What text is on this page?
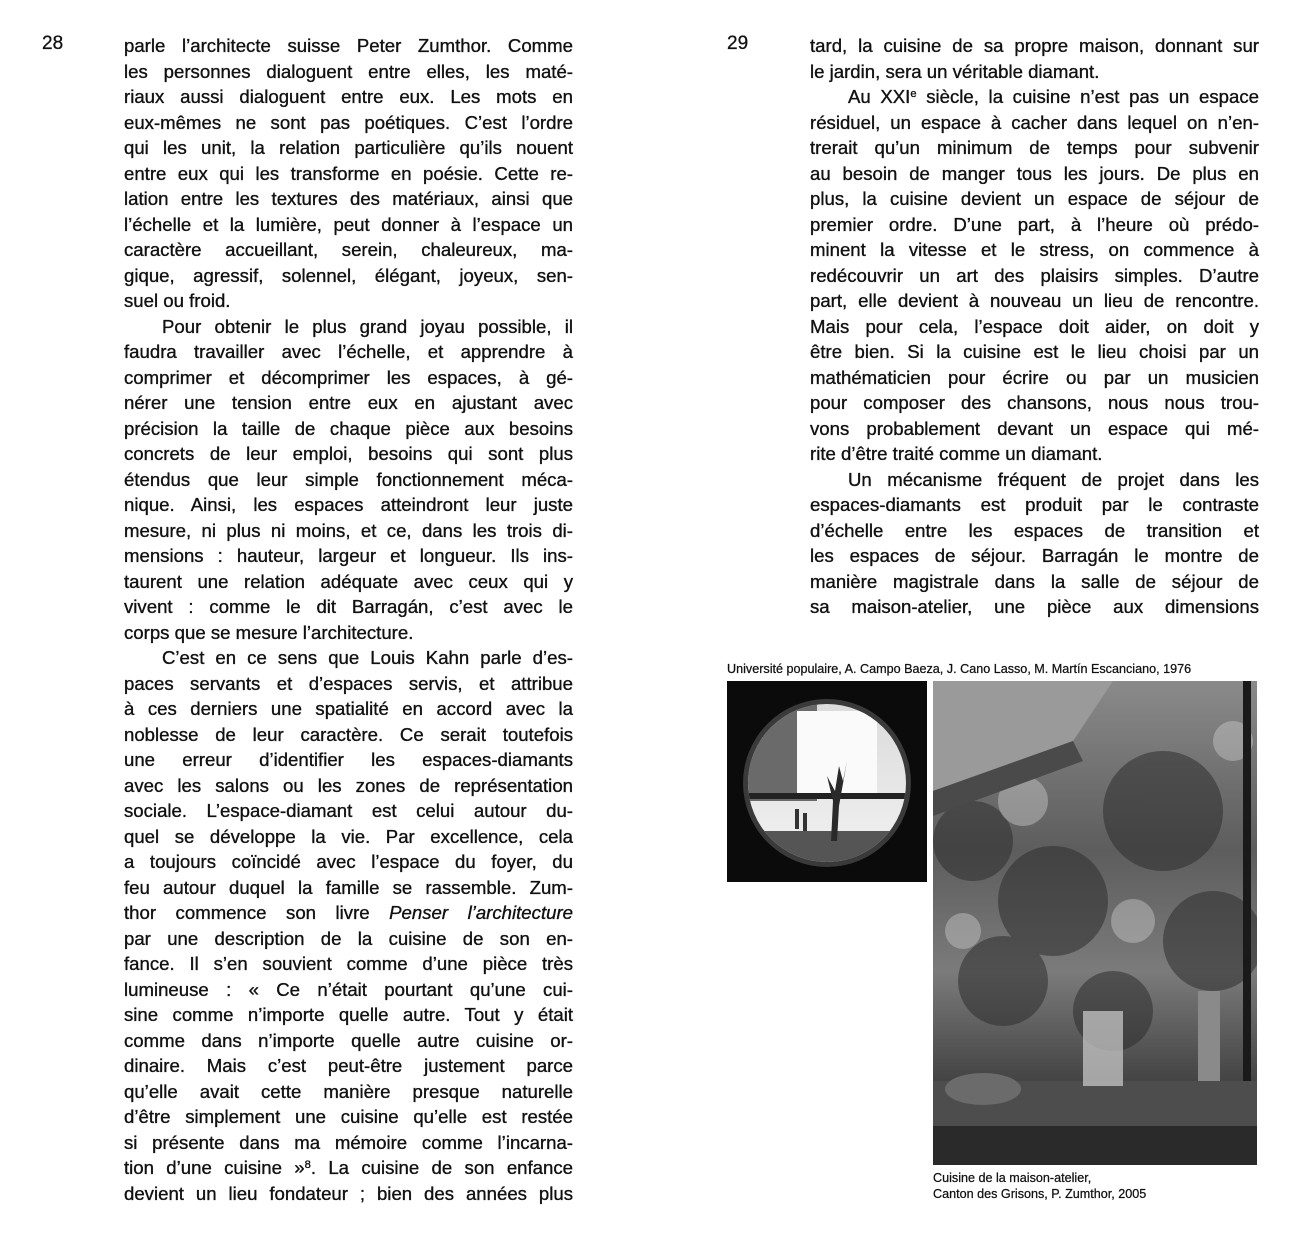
28	parle l’architecte suisse Peter Zumthor. Comme
les personnes dialoguent entre elles, les maté-
riaux aussi dialoguent entre eux. Les mots en
eux-mêmes ne sont pas poétiques. C’est l’ordre
qui les unit, la relation particulière qu’ils nouent
entre eux qui les transforme en poésie. Cette re-
lation entre les textures des matériaux, ainsi que
l’échelle et la lumière, peut donner à l’espace un
caractère accueillant, serein, chaleureux, ma-
gique, agressif, solennel, élégant, joyeux, sen-
suel ou froid.
Pour obtenir le plus grand joyau possible, il
faudra travailler avec l’échelle, et apprendre à
comprimer et décomprimer les espaces, à gé-
nérer une tension entre eux en ajustant avec
précision la taille de chaque pièce aux besoins
concrets de leur emploi, besoins qui sont plus
étendus que leur simple fonctionnement méca-
nique. Ainsi, les espaces atteindront leur juste
mesure, ni plus ni moins, et ce, dans les trois di-
mensions : hauteur, largeur et longueur. Ils ins-
taurent une relation adéquate avec ceux qui y
vivent : comme le dit Barragán, c’est avec le
corps que se mesure l’architecture.
C’est en ce sens que Louis Kahn parle d’es-
paces servants et d’espaces servis, et attribue
à ces derniers une spatialité en accord avec la
noblesse de leur caractère. Ce serait toutefois
une erreur d’identifier les espaces-diamants
avec les salons ou les zones de représentation
sociale. L’espace-diamant est celui autour du-
quel se développe la vie. Par excellence, cela
a toujours coïncidé avec l’espace du foyer, du
feu autour duquel la famille se rassemble. Zum-
thor commence son livre Penser l’architecture
par une description de la cuisine de son en-
fance. Il s’en souvient comme d’une pièce très
lumineuse : « Ce n’était pourtant qu’une cui-
sine comme n’importe quelle autre. Tout y était
comme dans n’importe quelle autre cuisine or-
dinaire. Mais c’est peut-être justement parce
qu’elle avait cette manière presque naturelle
d’être simplement une cuisine qu’elle est restée
si présente dans ma mémoire comme l’incarna-
tion d’une cuisine »$^8$. La cuisine de son enfance
devient un lieu fondateur ; bien des années plus
29	tard, la cuisine de sa propre maison, donnant sur
le jardin, sera un véritable diamant.
Au XXIe siècle, la cuisine n’est pas un espace
résiduel, un espace à cacher dans lequel on n’en-
trerait qu’un minimum de temps pour subvenir
au besoin de manger tous les jours. De plus en
plus, la cuisine devient un espace de séjour de
premier ordre. D’une part, à l’heure où prédo-
minent la vitesse et le stress, on commence à
redécouvrir un art des plaisirs simples. D’autre
part, elle devient à nouveau un lieu de rencontre.
Mais pour cela, l’espace doit aider, on doit y
être bien. Si la cuisine est le lieu choisi par un
mathématicien pour écrire ou par un musicien
pour composer des chansons, nous nous trou-
vons probablement devant un espace qui mé-
rite d’être traité comme un diamant.
Un mécanisme fréquent de projet dans les
espaces-diamants est produit par le contraste
d’échelle entre les espaces de transition et
les espaces de séjour. Barragán le montre de
manière magistrale dans la salle de séjour de
sa maison-atelier, une pièce aux dimensions
Université populaire, A. Campo Baeza, J. Cano Lasso, M. Martín Escanciano, 1976
Cuisine de la maison-atelier,
Canton des Grisons, P. Zumthor, 2005
